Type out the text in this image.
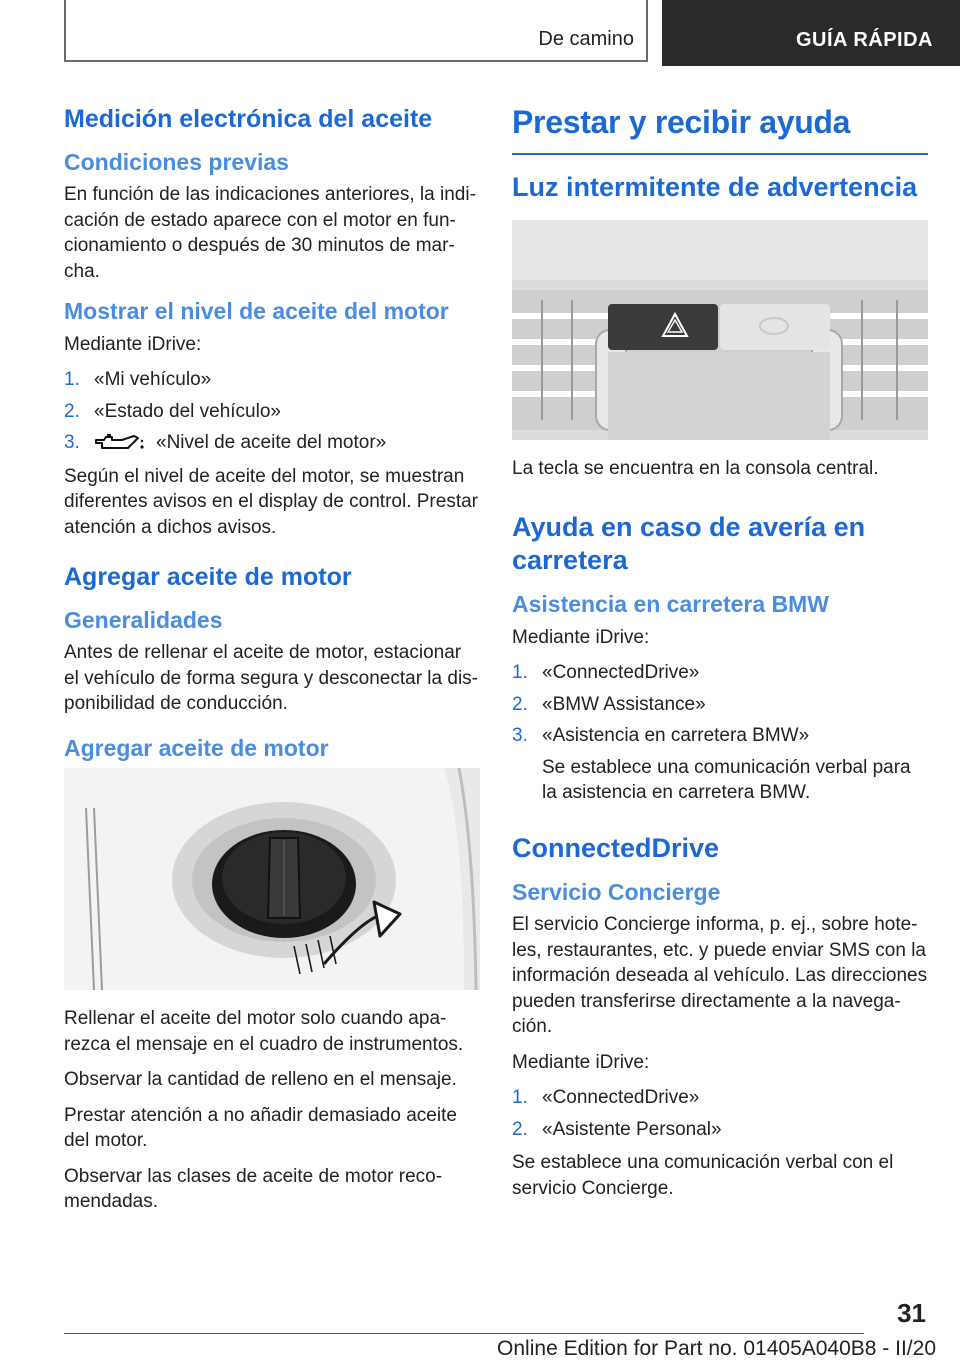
De camino	GUÍA RÁPIDA
Medición electrónica del aceite
Condiciones previas

En función de las indicaciones anteriores, la indi-cación de estado aparece con el motor en fun-cionamiento o después de 30 minutos de mar-cha.

Mostrar el nivel de aceite del motor

Mediante iDrive:

1. «Mi vehículo»
2. «Estado del vehículo»
3.	«Nivel de aceite del motor»

Según el nivel de aceite del motor, se muestran diferentes avisos en el display de control. Prestar atención a dichos avisos.

Agregar aceite de motor
Generalidades

Antes de rellenar el aceite de motor, estacionar el vehículo de forma segura y desconectar la dis-ponibilidad de conducción.

Agregar aceite de motor

Rellenar el aceite del motor solo cuando apa-rezca el mensaje en el cuadro de instrumentos.

Observar la cantidad de relleno en el mensaje.

Prestar atención a no añadir demasiado aceite del motor.

Observar las clases de aceite de motor reco-mendadas.

Prestar y recibir ayuda
Luz intermitente de advertencia

La tecla se encuentra en la consola central.

Ayuda en caso de avería en carretera
Asistencia en carretera BMW

Mediante iDrive:

1. «ConnectedDrive»
2. «BMW Assistance»
3. «Asistencia en carretera BMW»
Se establece una comunicación verbal para la asistencia en carretera BMW.
ConnectedDrive
Servicio Concierge

El servicio Concierge informa, p. ej., sobre hote-les, restaurantes, etc. y puede enviar SMS con la información deseada al vehículo. Las direcciones pueden transferirse directamente a la navega-ción.

Mediante iDrive:

1. «ConnectedDrive»
2. «Asistente Personal»

Se establece una comunicación verbal con el servicio Concierge.

31
Online Edition for Part no. 01405A040B8 - II/20
